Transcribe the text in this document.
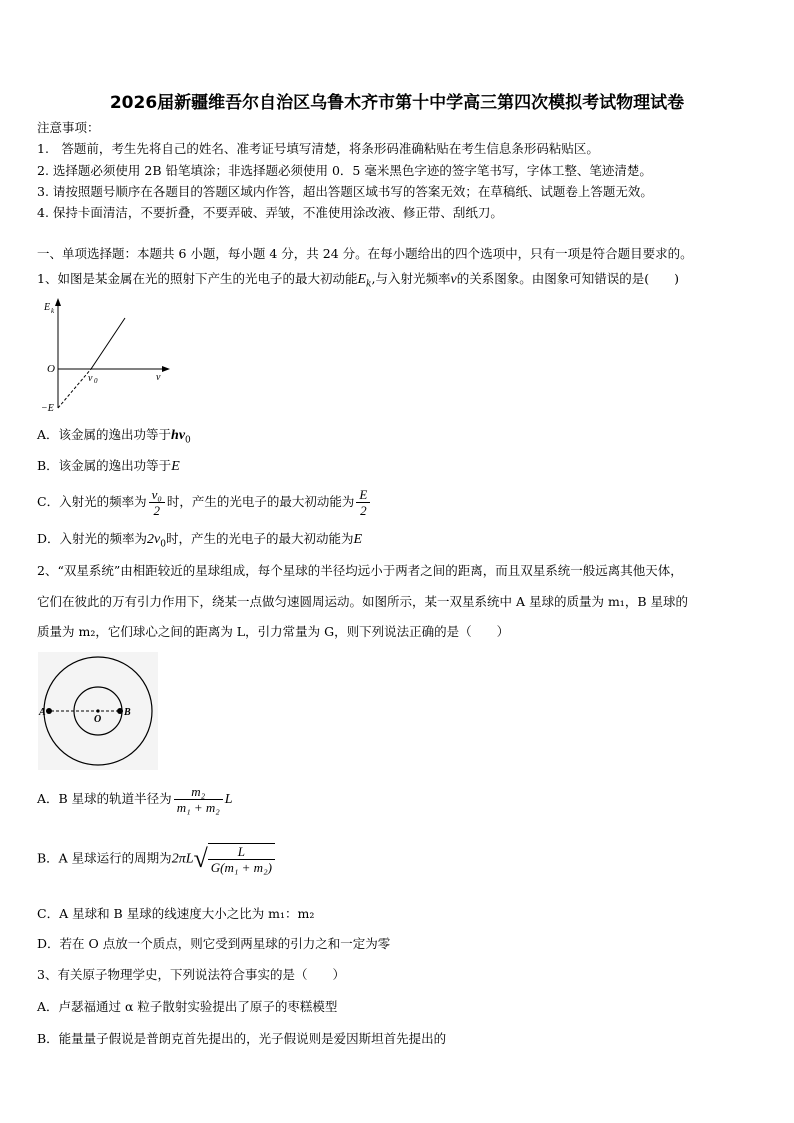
2026届新疆维吾尔自治区乌鲁木齐市第十中学高三第四次模拟考试物理试卷
注意事项：
1.　答题前，考生先将自己的姓名、准考证号填写清楚，将条形码准确粘贴在考生信息条形码粘贴区。
2. 选择题必须使用 2B 铅笔填涂；非选择题必须使用 0．5 毫米黑色字迹的签字笔书写，字体工整、笔迹清楚。
3. 请按照题号顺序在各题目的答题区域内作答，超出答题区域书写的答案无效；在草稿纸、试题卷上答题无效。
4. 保持卡面清洁，不要折叠，不要弄破、弄皱，不准使用涂改液、修正带、刮纸刀。
一、单项选择题：本题共 6 小题，每小题 4 分，共 24 分。在每小题给出的四个选项中，只有一项是符合题目要求的。
1、如图是某金属在光的照射下产生的光电子的最大初动能$E_k$,与入射光频率ν的关系图象。由图象可知错误的是(　　)
E k
O
ν
ν 0
−E
A．该金属的逸出功等于$h\nu_0$
B．该金属的逸出功等于E
C．入射光的频率为 $\frac{\text{ν₀}}{2}$ 时，产生的光电子的最大初动能为 $\frac{E}{2}$
D．入射光的频率为$2\nu_0$时，产生的光电子的最大初动能为E
2、“双星系统”由相距较近的星球组成，每个星球的半径均远小于两者之间的距离，而且双星系统一般远离其他天体，
它们在彼此的万有引力作用下，绕某一点做匀速圆周运动。如图所示，某一双星系统中 A 星球的质量为 m₁，B 星球的
质量为 m₂，它们球心之间的距离为 L，引力常量为 G，则下列说法正确的是（　　）
A
O
B
A．B 星球的轨道半径为 $\frac{\text{m₂}}{\text{m₁ + m₂}}$ L
B．A 星球运行的周期为$2\pi L√ \frac{L}{\text{G(m₁ + m₂)}}$
C．A 星球和 B 星球的线速度大小之比为 m₁：m₂
D．若在 O 点放一个质点，则它受到两星球的引力之和一定为零
3、有关原子物理学史，下列说法符合事实的是（　　）
A．卢瑟福通过 α 粒子散射实验提出了原子的枣糕模型
B．能量量子假说是普朗克首先提出的，光子假说则是爱因斯坦首先提出的
